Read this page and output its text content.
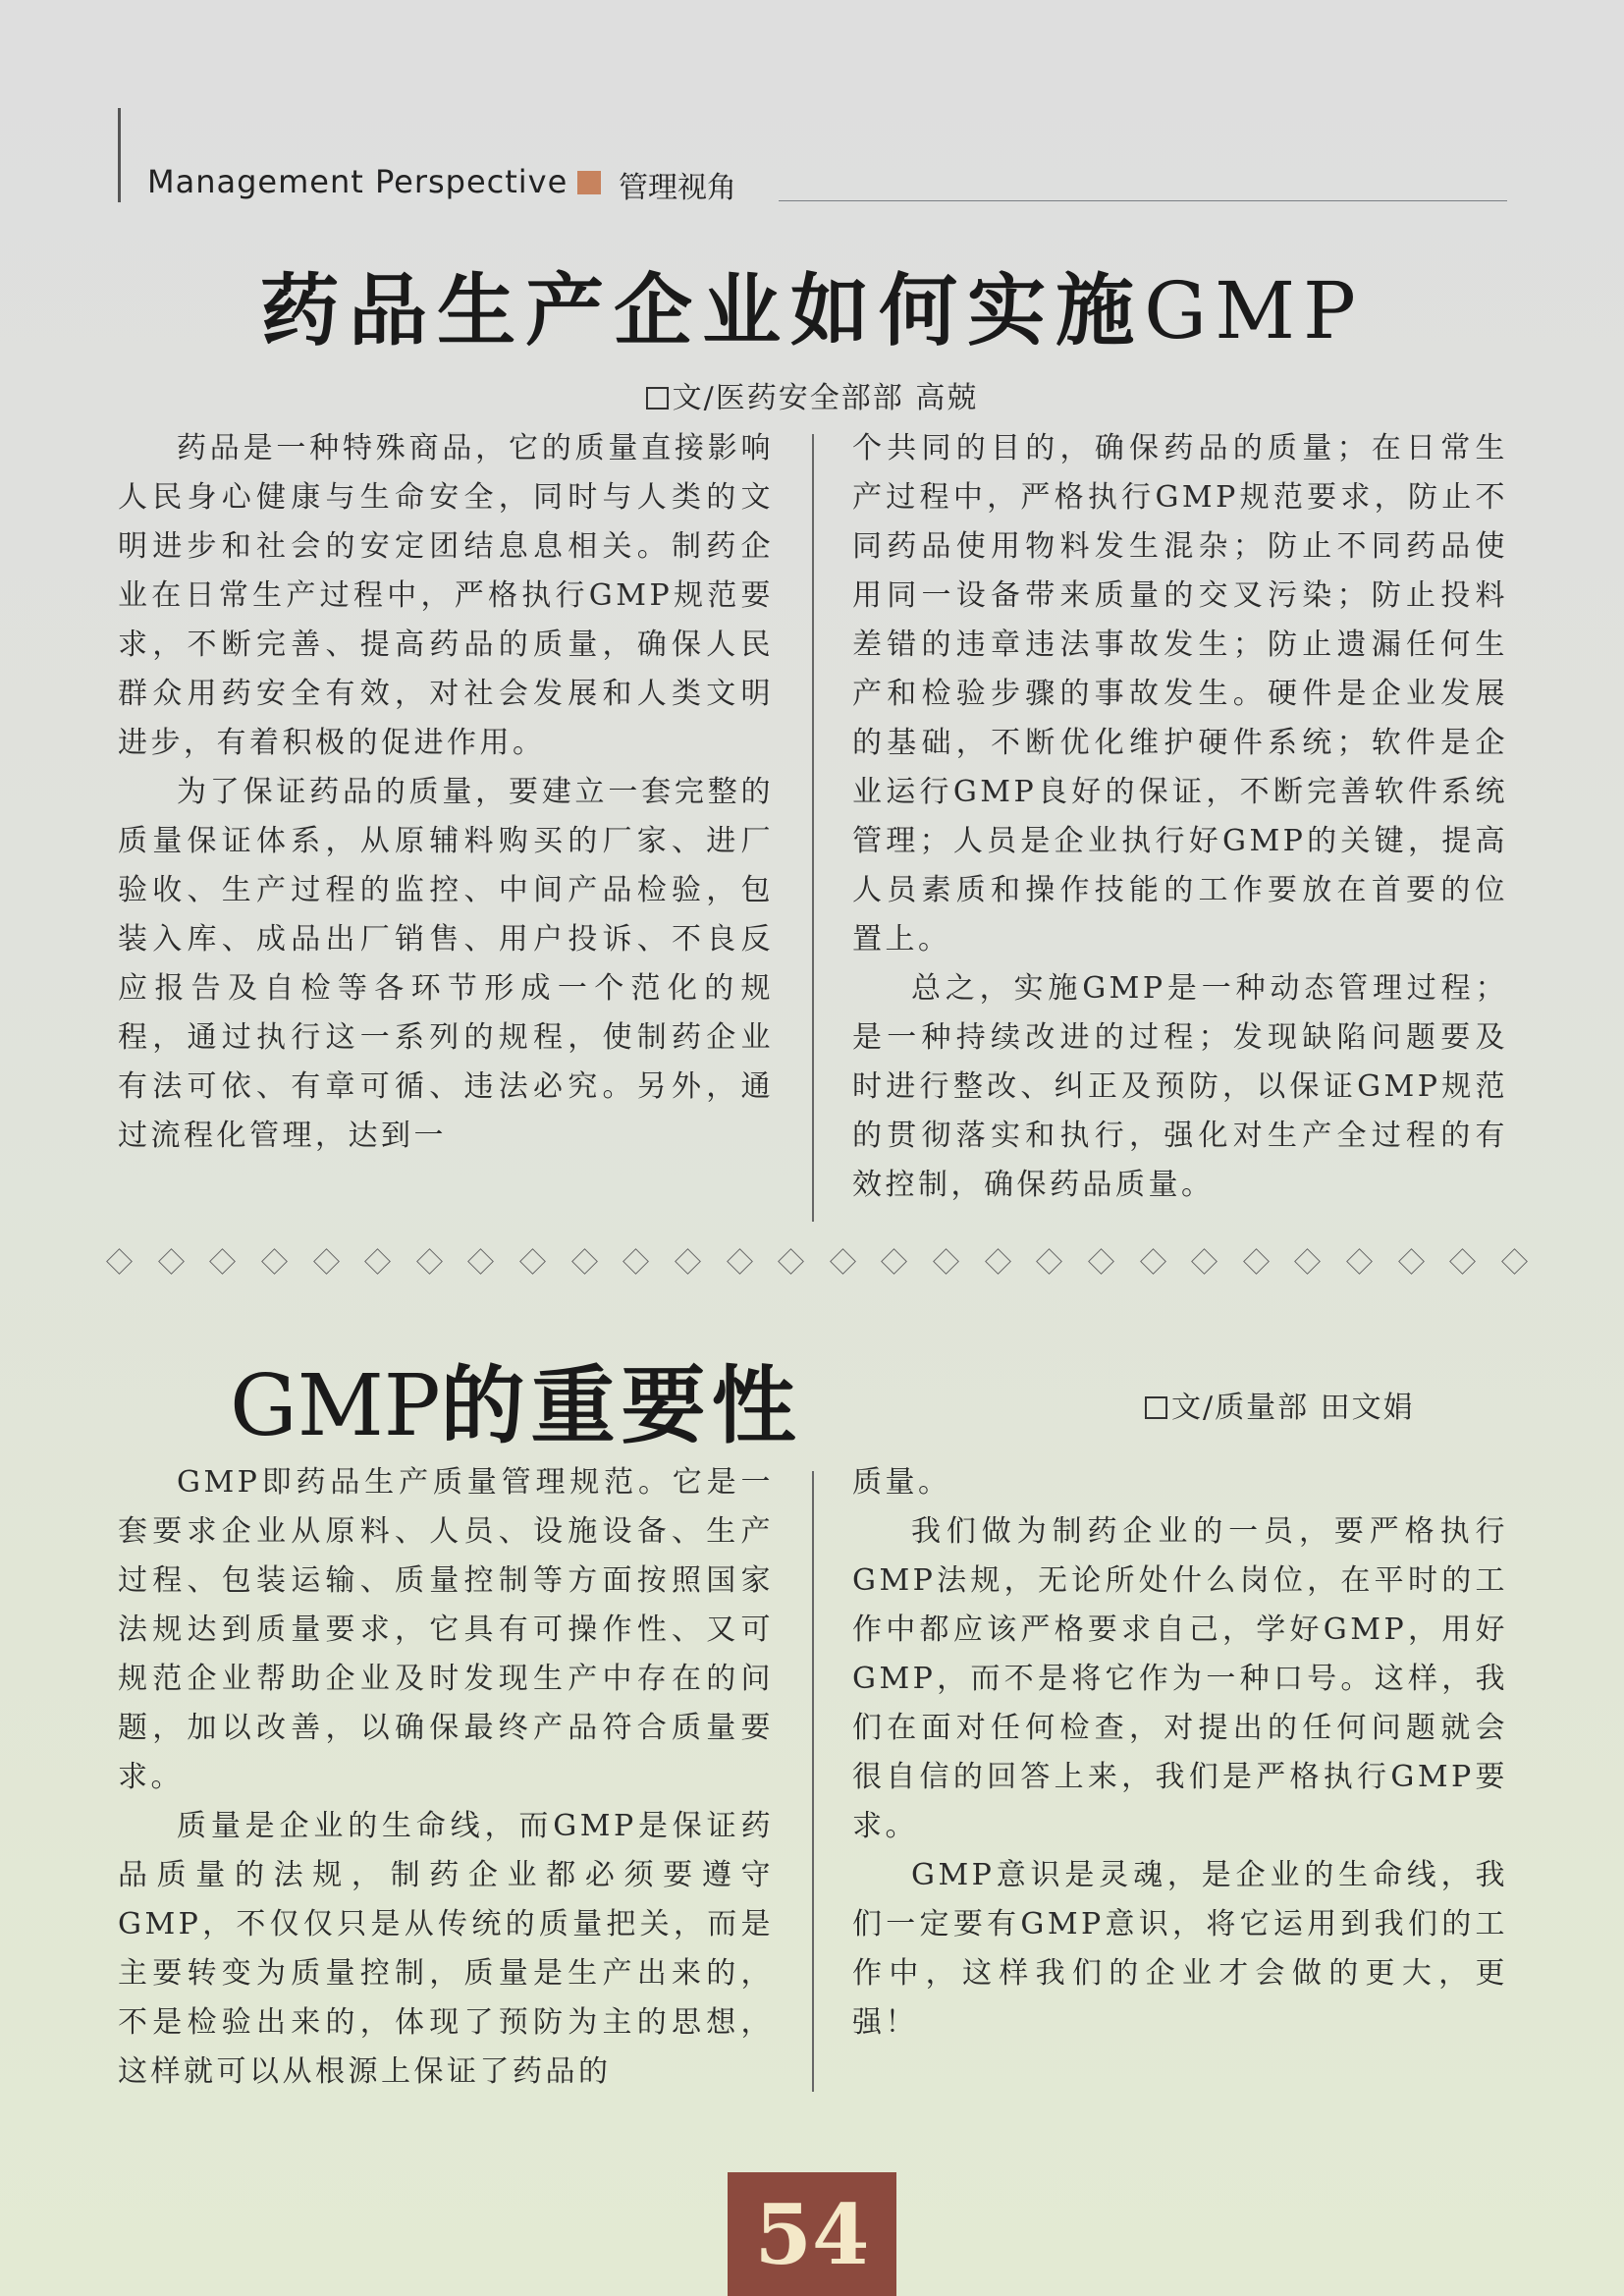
Management Perspective 管理视角
药品生产企业如何实施GMP
文/医药安全部部 高兢

药品是一种特殊商品，它的质量直接影响人民身心健康与生命安全，同时与人类的文明进步和社会的安定团结息息相关。制药企业在日常生产过程中，严格执行GMP规范要求，不断完善、提高药品的质量，确保人民群众用药安全有效，对社会发展和人类文明进步，有着积极的促进作用。

为了保证药品的质量，要建立一套完整的质量保证体系，从原辅料购买的厂家、进厂验收、生产过程的监控、中间产品检验，包装入库、成品出厂销售、用户投诉、不良反应报告及自检等各环节形成一个范化的规程，通过执行这一系列的规程，使制药企业有法可依、有章可循、违法必究。另外，通过流程化管理，达到一

个共同的目的，确保药品的质量；在日常生产过程中，严格执行GMP规范要求，防止不同药品使用物料发生混杂；防止不同药品使用同一设备带来质量的交叉污染；防止投料差错的违章违法事故发生；防止遗漏任何生产和检验步骤的事故发生。硬件是企业发展的基础，不断优化维护硬件系统；软件是企业运行GMP良好的保证，不断完善软件系统管理；人员是企业执行好GMP的关键，提高人员素质和操作技能的工作要放在首要的位置上。

总之，实施GMP是一种动态管理过程；是一种持续改进的过程；发现缺陷问题要及时进行整改、纠正及预防，以保证GMP规范的贯彻落实和执行，强化对生产全过程的有效控制，确保药品质量。

GMP的重要性	文/质量部 田文娟

GMP即药品生产质量管理规范。它是一套要求企业从原料、人员、设施设备、生产过程、包装运输、质量控制等方面按照国家法规达到质量要求，它具有可操作性、又可规范企业帮助企业及时发现生产中存在的问题，加以改善，以确保最终产品符合质量要求。

质量是企业的生命线，而GMP是保证药品质量的法规，制药企业都必须要遵守GMP，不仅仅只是从传统的质量把关，而是主要转变为质量控制，质量是生产出来的，不是检验出来的，体现了预防为主的思想，这样就可以从根源上保证了药品的

质量。

我们做为制药企业的一员，要严格执行GMP法规，无论所处什么岗位，在平时的工作中都应该严格要求自己，学好GMP，用好GMP，而不是将它作为一种口号。这样，我们在面对任何检查，对提出的任何问题就会很自信的回答上来，我们是严格执行GMP要求。

GMP意识是灵魂，是企业的生命线，我们一定要有GMP意识，将它运用到我们的工作中，这样我们的企业才会做的更大，更强！

54
